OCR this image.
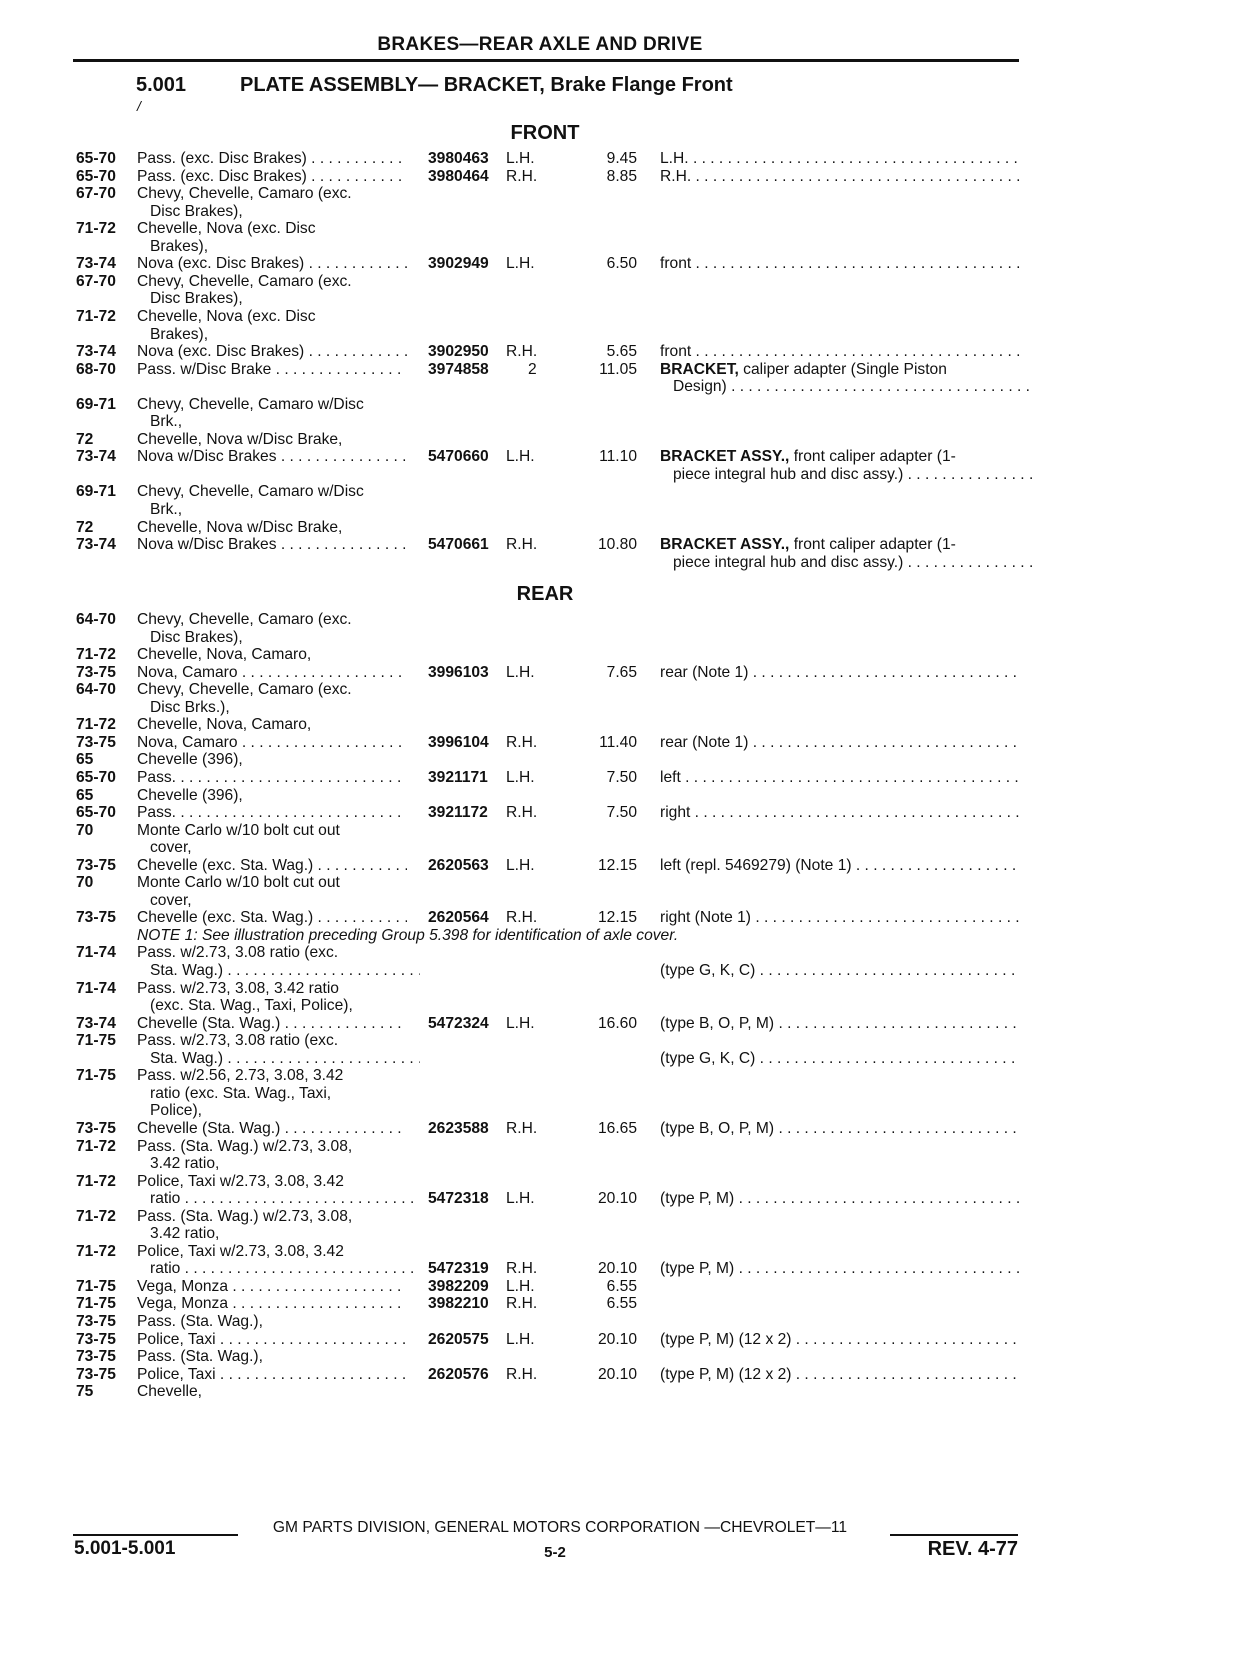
BRAKES—REAR AXLE AND DRIVE
5.001	PLATE ASSEMBLY— BRACKET, Brake Flange Front
/
FRONT
REAR
65-70 Pass. (exc. Disc Brakes) . . .	3980463 L.H.	9.45 L.H. . . .
65-70 Pass. (exc. Disc Brakes) . . .	3980464 R.H.	8.85 R.H. . . .
67-70 Chevy, Chevelle, Camaro (exc.
Disc Brakes),
71-72 Chevelle, Nova (exc. Disc
Brakes),
73-74 Nova (exc. Disc Brakes) . . .	3902949 L.H.	6.50 front . . .
67-70 Chevy, Chevelle, Camaro (exc.
Disc Brakes),
71-72 Chevelle, Nova (exc. Disc
Brakes),
73-74 Nova (exc. Disc Brakes) . . .	3902950 R.H.	5.65 front . . .
68-70 Pass. w/Disc Brake . . .	3974858	2	11.05 BRACKET, caliper adapter (Single Piston
Design) . . .
69-71 Chevy, Chevelle, Camaro w/Disc
Brk.,
72	Chevelle, Nova w/Disc Brake,
73-74 Nova w/Disc Brakes . . .	5470660 L.H.	11.10 BRACKET ASSY., front caliper adapter (1-
piece integral hub and disc assy.) . . .
69-71 Chevy, Chevelle, Camaro w/Disc
Brk.,
72	Chevelle, Nova w/Disc Brake,
73-74 Nova w/Disc Brakes . . .	5470661 R.H.	10.80 BRACKET ASSY., front caliper adapter (1-
piece integral hub and disc assy.) . . .
64-70 Chevy, Chevelle, Camaro (exc.
Disc Brakes),
71-72 Chevelle, Nova, Camaro,
73-75 Nova, Camaro . . .	3996103 L.H.	7.65 rear (Note 1) . . .
64-70 Chevy, Chevelle, Camaro (exc.
Disc Brks.),
71-72 Chevelle, Nova, Camaro,
73-75 Nova, Camaro . . .	3996104 R.H.	11.40 rear (Note 1) . . .
65	Chevelle (396),
65-70 Pass. . . .	3921171 L.H.	7.50 left . . .
65	Chevelle (396),
65-70 Pass. . . .	3921172 R.H.	7.50 right . . .
70	Monte Carlo w/10 bolt cut out
cover,
73-75 Chevelle (exc. Sta. Wag.) . . .	2620563 L.H.	12.15 left (repl. 5469279) (Note 1) . . .
70	Monte Carlo w/10 bolt cut out
cover,
73-75 Chevelle (exc. Sta. Wag.) . . .	2620564 R.H.	12.15 right (Note 1) . . .
NOTE 1: See illustration preceding Group 5.398 for identification of axle cover.
71-74 Pass. w/2.73, 3.08 ratio (exc.
Sta. Wag.) . . .	(type G, K, C) . . .
71-74 Pass. w/2.73, 3.08, 3.42 ratio
(exc. Sta. Wag., Taxi, Police),
73-74 Chevelle (Sta. Wag.) . . .	5472324 L.H.	16.60 (type B, O, P, M) . . .
71-75 Pass. w/2.73, 3.08 ratio (exc.
Sta. Wag.) . . .	(type G, K, C) . . .
71-75 Pass. w/2.56, 2.73, 3.08, 3.42
ratio (exc. Sta. Wag., Taxi,
Police),
73-75 Chevelle (Sta. Wag.) . . .	2623588 R.H.	16.65 (type B, O, P, M) . . .
71-72 Pass. (Sta. Wag.) w/2.73, 3.08,
3.42 ratio,
71-72 Police, Taxi w/2.73, 3.08, 3.42
ratio . . .	5472318 L.H.	20.10 (type P, M) . . .
71-72 Pass. (Sta. Wag.) w/2.73, 3.08,
3.42 ratio,
71-72 Police, Taxi w/2.73, 3.08, 3.42
ratio . . .	5472319 R.H.	20.10 (type P, M) . . .
71-75 Vega, Monza . . .	3982209 L.H.	6.55
71-75 Vega, Monza . . .	3982210 R.H.	6.55
73-75 Pass. (Sta. Wag.),
73-75 Police, Taxi . . .	2620575 L.H.	20.10 (type P, M) (12 x 2) . . .
73-75 Pass. (Sta. Wag.),
73-75 Police, Taxi . . .	2620576 R.H.	20.10 (type P, M) (12 x 2) . . .
75	Chevelle,
GM PARTS DIVISION, GENERAL MOTORS CORPORATION —CHEVROLET—11
5.001-5.001	5-2	REV. 4-77
